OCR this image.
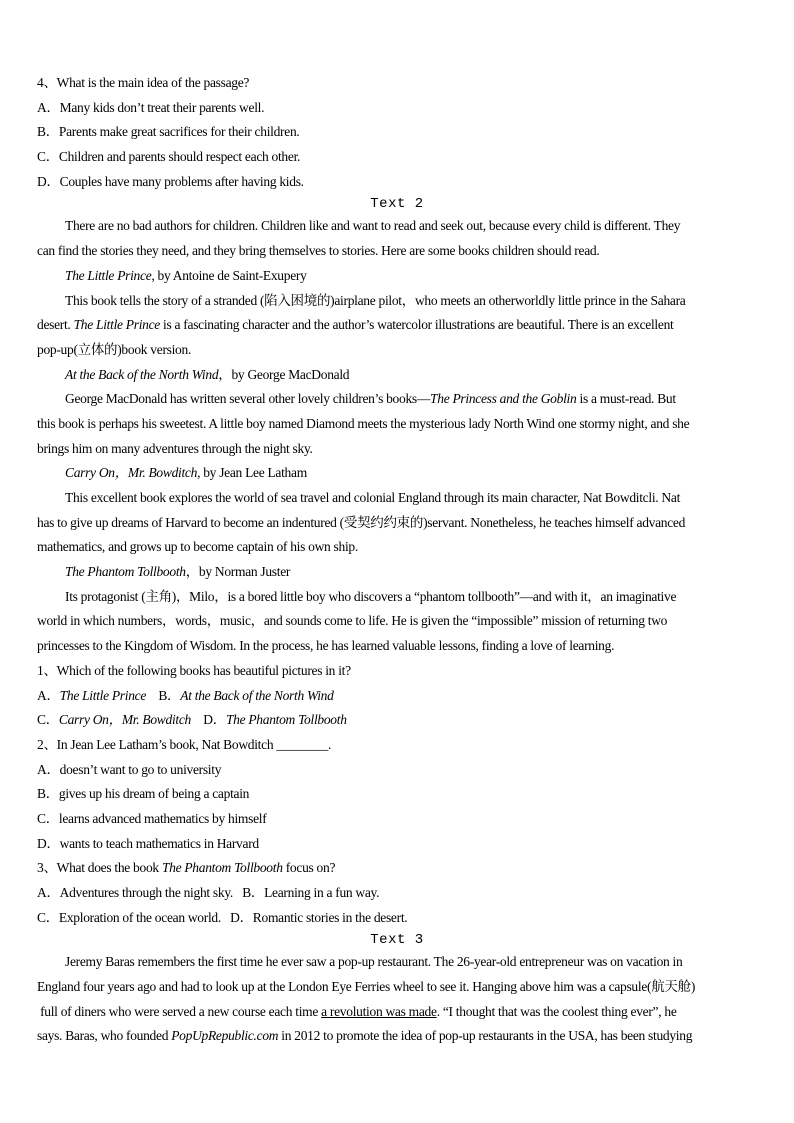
4、What is the main idea of the passage?
A．Many kids don’t treat their parents well.
B．Parents make great sacrifices for their children.
C．Children and parents should respect each other.
D．Couples have many problems after having kids.
Text 2
There are no bad authors for children. Children like and want to read and seek out, because every child is different. They
can find the stories they need, and they bring themselves to stories. Here are some books children should read.
The Little Prince, by Antoine de Saint-Exupery
This book tells the story of a stranded (陷入困境的)airplane pilot，who meets an otherworldly little prince in the Sahara
desert. The Little Prince is a fascinating character and the author’s watercolor illustrations are beautiful. There is an excellent
pop-up(立体的)book version.
At the Back of the North Wind，by George MacDonald
George MacDonald has written several other lovely children’s books—The Princess and the Goblin is a must-read. But
this book is perhaps his sweetest. A little boy named Diamond meets the mysterious lady North Wind one stormy night, and she
brings him on many adventures through the night sky.
Carry On，Mr. Bowditch, by Jean Lee Latham
This excellent book explores the world of sea travel and colonial England through its main character, Nat Bowditcli. Nat
has to give up dreams of Harvard to become an indentured (受契约约束的)servant. Nonetheless, he teaches himself advanced
mathematics, and grows up to become captain of his own ship.
The Phantom Tollbooth，by Norman Juster
Its protagonist (主角)，Milo，is a bored little boy who discovers a “phantom tollbooth”—and with it，an imaginative
world in which numbers，words，music，and sounds come to life. He is given the “impossible” mission of returning two
princesses to the Kingdom of Wisdom. In the process, he has learned valuable lessons, finding a love of learning.
1、Which of the following books has beautiful pictures in it?
A．The Little Prince    B．At the Back of the North Wind
C．Carry On，Mr. Bowditch    D．The Phantom Tollbooth
2、In Jean Lee Latham’s book, Nat Bowditch ________.
A．doesn’t want to go to university
B．gives up his dream of being a captain
C．learns advanced mathematics by himself
D．wants to teach mathematics in Harvard
3、What does the book The Phantom Tollbooth focus on?
A．Adventures through the night sky.   B．Learning in a fun way.
C．Exploration of the ocean world.   D．Romantic stories in the desert.
Text 3
Jeremy Baras remembers the first time he ever saw a pop-up restaurant. The 26-year-old entrepreneur was on vacation in
England four years ago and had to look up at the London Eye Ferries wheel to see it. Hanging above him was a capsule(航天舱)
full of diners who were served a new course each time a revolution was made. “I thought that was the coolest thing ever”, he
says. Baras, who founded PopUpRepublic.com in 2012 to promote the idea of pop-up restaurants in the USA, has been studying
